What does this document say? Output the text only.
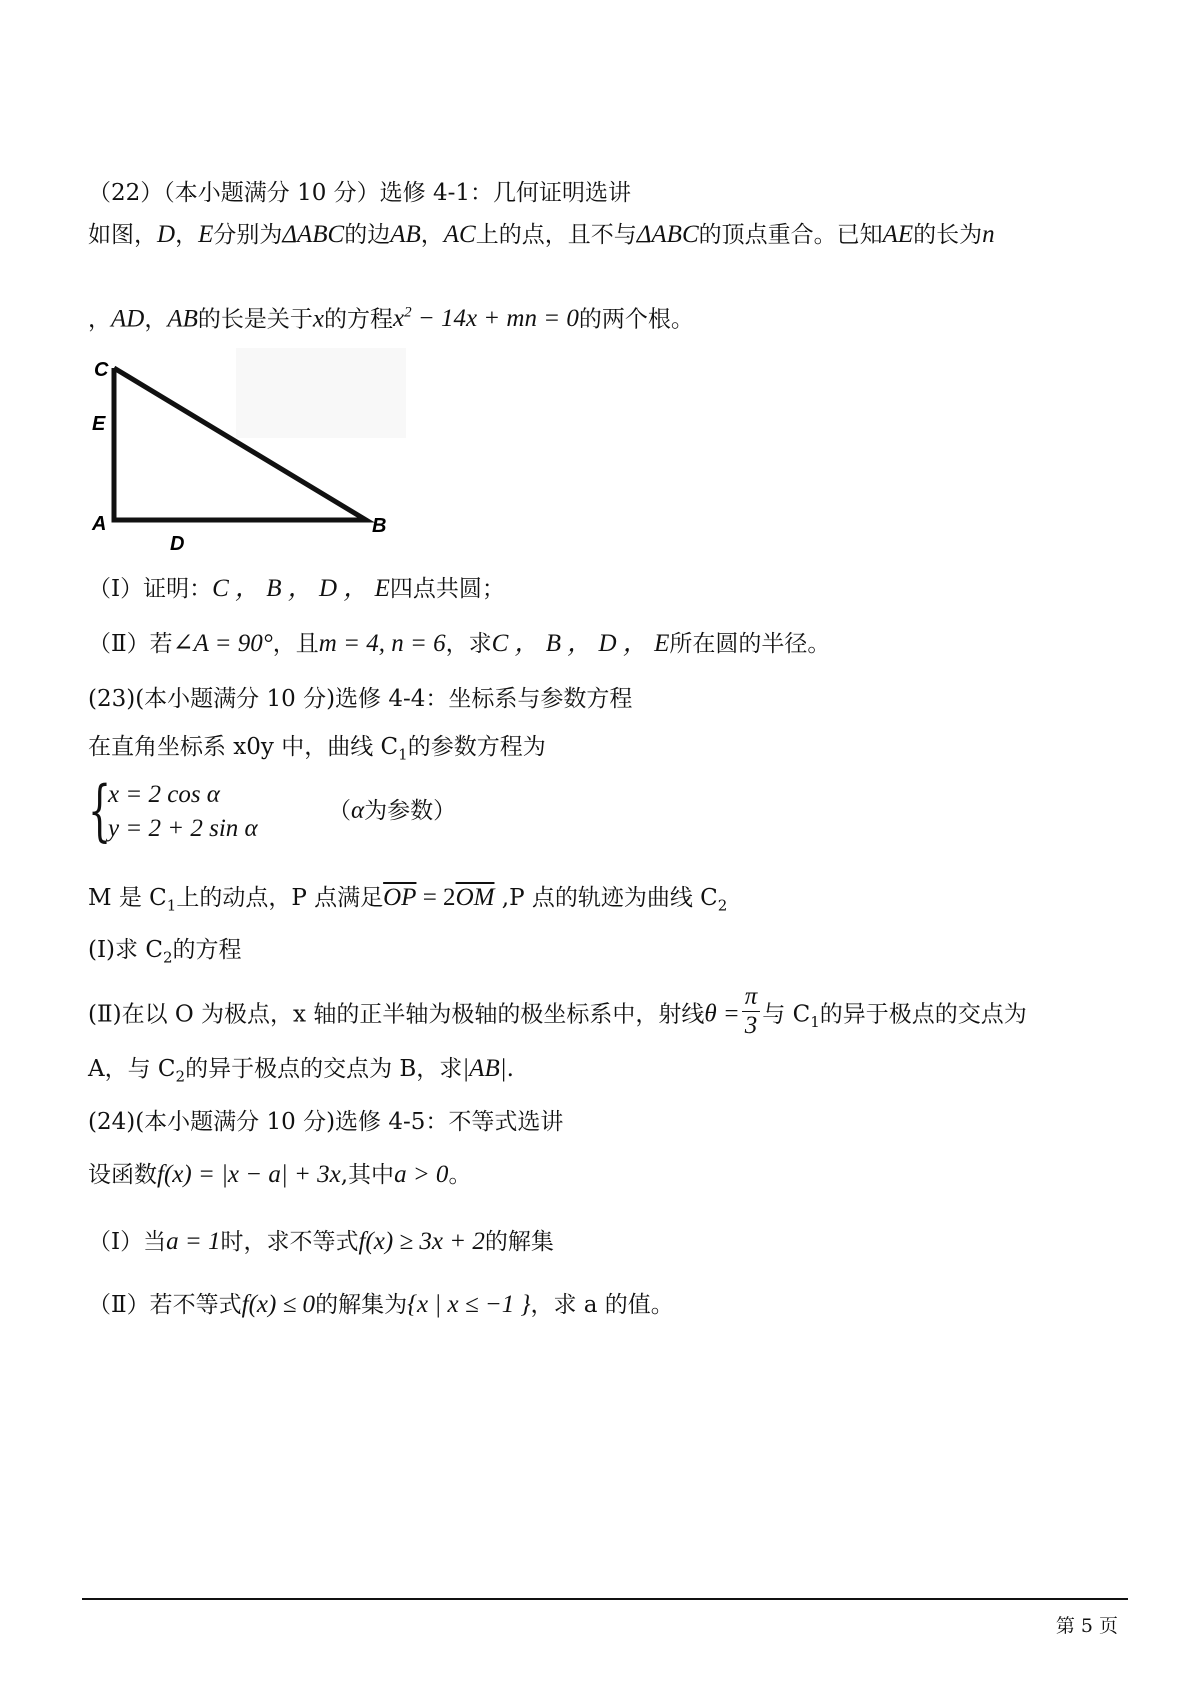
（22）（本小题满分 10 分）选修 4-1：几何证明选讲
如图，D，E分别为ΔABC的边AB，AC上的点，且不与ΔABC的顶点重合。已知AE的长为n
，AD，AB的长是关于x的方程$x^2 - 14x$ + mn = 0的两个根。
C
E
A
D
B
（Ⅰ）证明：C ， B ， D ， E四点共圆；
（Ⅱ）若∠A = 90°，且m = 4, n = 6，求C ， B ， D ， E所在圆的半径。
(23)(本小题满分 10 分)选修 4-4：坐标系与参数方程
在直角坐标系 x0y 中，曲线 $C_1$的参数方程为
{
x = 2 cos α
y = 2 + 2 sin α
（α为参数）
M 是 $C_1$上的动点，P 点满足$\overline{OP} = 2\overline{OM}$ ,P 点的轨迹为曲线 $C_2$
(Ⅰ)求 $C_2$的方程
(Ⅱ)在以 O 为极点，x 轴的正半轴为极轴的极坐标系中，射线$\theta = \frac{\pi}{3}$ 与 $C_1$的异于极点的交点为
A，与 $C_2$的异于极点的交点为 B，求|AB|.
(24)(本小题满分 10 分)选修 4-5：不等式选讲
设函数f(x) = |x − a| + 3x,其中a > 0。
（Ⅰ）当a = 1时，求不等式f(x) ≥ 3x + 2的解集
（Ⅱ）若不等式f(x) ≤ 0的解集为{x | x ≤ −1 }，求 a 的值。
第 5 页
